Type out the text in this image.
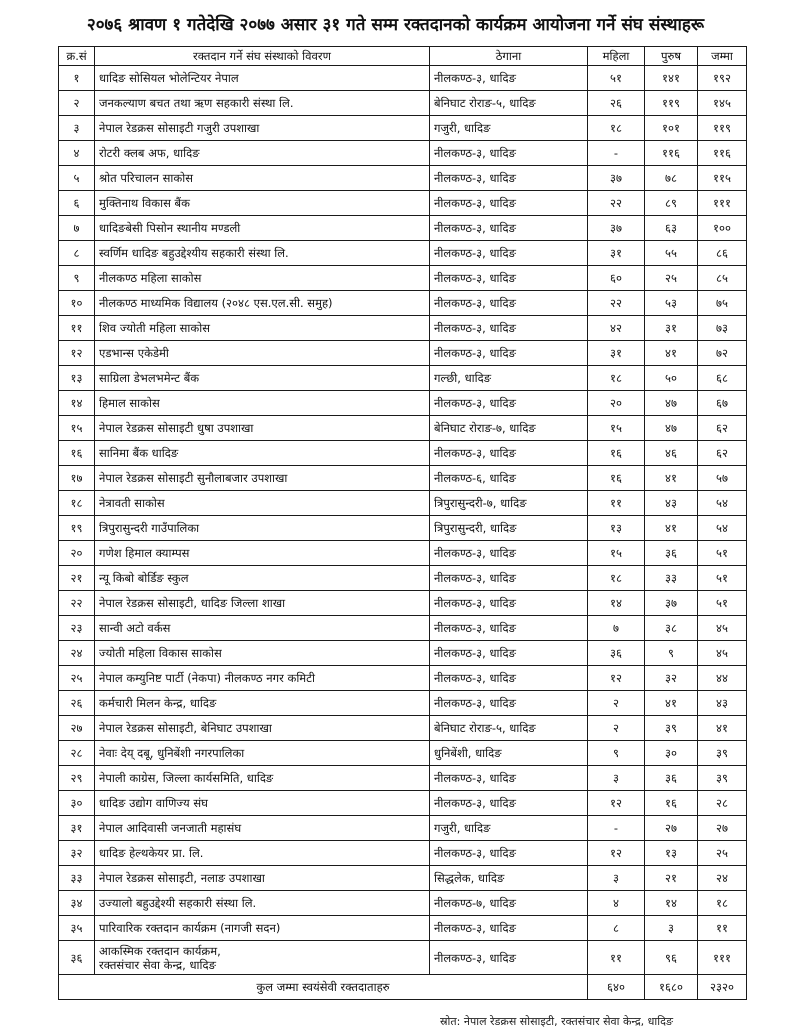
२०७६ श्रावण १ गतेदेखि २०७७ असार ३१ गते सम्म रक्तदानको कार्यक्रम आयोजना गर्ने संघ संस्थाहरू
क्र.सं	रक्तदान गर्ने संघ संस्थाको विवरण	ठेगाना	महिला	पुरुष	जम्मा
१	धादिङ सोसियल भोलेन्टियर नेपाल	नीलकण्ठ-३, धादिङ	५१	१४१	१९२
२	जनकल्याण बचत तथा ऋण सहकारी संस्था लि.	बेनिघाट रोराङ-५, धादिङ	२६	११९	१४५
३	नेपाल रेडक्रस सोसाइटी गजुरी उपशाखा	गजुरी, धादिङ	१८	१०१	११९
४	रोटरी क्लब अफ, धादिङ	नीलकण्ठ-३, धादिङ	-	११६	११६
५	श्रोत परिचालन साकोस	नीलकण्ठ-३, धादिङ	३७	७८	११५
६	मुक्तिनाथ विकास बैंक	नीलकण्ठ-३, धादिङ	२२	८९	१११
७	धादिङबेसी पिसोन स्थानीय मण्डली	नीलकण्ठ-३, धादिङ	३७	६३	१००
८	स्वर्णिम धादिङ बहुउद्देश्यीय सहकारी संस्था लि.	नीलकण्ठ-३, धादिङ	३१	५५	८६
९	नीलकण्ठ महिला साकोस	नीलकण्ठ-३, धादिङ	६०	२५	८५
१०	नीलकण्ठ माध्यमिक विद्यालय (२०४८ एस.एल.सी. समुह)	नीलकण्ठ-३, धादिङ	२२	५३	७५
११	शिव ज्योती महिला साकोस	नीलकण्ठ-३, धादिङ	४२	३१	७३
१२	एडभान्स एकेडेमी	नीलकण्ठ-३, धादिङ	३१	४१	७२
१३	साग्रिला डेभलभमेन्ट बैंक	गल्छी, धादिङ	१८	५०	६८
१४	हिमाल साकोस	नीलकण्ठ-३, धादिङ	२०	४७	६७
१५	नेपाल रेडक्रस सोसाइटी धुषा उपशाखा	बेनिघाट रोराङ-७, धादिङ	१५	४७	६२
१६	सानिमा बैंक धादिङ	नीलकण्ठ-३, धादिङ	१६	४६	६२
१७	नेपाल रेडक्रस सोसाइटी सुनौलाबजार उपशाखा	नीलकण्ठ-६, धादिङ	१६	४१	५७
१८	नेत्रावती साकोस	त्रिपुरासुन्दरी-७, धादिङ	११	४३	५४
१९	त्रिपुरासुन्दरी गाउँपालिका	त्रिपुरासुन्दरी, धादिङ	१३	४१	५४
२०	गणेश हिमाल क्याम्पस	नीलकण्ठ-३, धादिङ	१५	३६	५१
२१	न्यू किबो बोर्डिङ स्कुल	नीलकण्ठ-३, धादिङ	१८	३३	५१
२२	नेपाल रेडक्रस सोसाइटी, धादिङ जिल्ला शाखा	नीलकण्ठ-३, धादिङ	१४	३७	५१
२३	सान्वी अटो वर्कस	नीलकण्ठ-३, धादिङ	७	३८	४५
२४	ज्योती महिला विकास साकोस	नीलकण्ठ-३, धादिङ	३६	९	४५
२५	नेपाल कम्युनिष्ट पार्टी (नेकपा) नीलकण्ठ नगर कमिटी	नीलकण्ठ-३, धादिङ	१२	३२	४४
२६	कर्मचारी मिलन केन्द्र, धादिङ	नीलकण्ठ-३, धादिङ	२	४१	४३
२७	नेपाल रेडक्रस सोसाइटी, बेनिघाट उपशाखा	बेनिघाट रोराङ-५, धादिङ	२	३९	४१
२८	नेवाः देय् दबू, धुनिबेंशी नगरपालिका	धुनिबेंशी, धादिङ	९	३०	३९
२९	नेपाली काग्रेस, जिल्ला कार्यसमिति, धादिङ	नीलकण्ठ-३, धादिङ	३	३६	३९
३०	धादिङ उद्योग वाणिज्य संघ	नीलकण्ठ-३, धादिङ	१२	१६	२८
३१	नेपाल आदिवासी जनजाती महासंघ	गजुरी, धादिङ	-	२७	२७
३२	धादिङ हेल्थकेयर प्रा. लि.	नीलकण्ठ-३, धादिङ	१२	१३	२५
३३	नेपाल रेडक्रस सोसाइटी, नलाङ उपशाखा	सिद्धलेक, धादिङ	३	२१	२४
३४	उज्यालो बहुउद्देश्यी सहकारी संस्था लि.	नीलकण्ठ-७, धादिङ	४	१४	१८
३५	पारिवारिक रक्तदान कार्यक्रम (नागजी सदन)	नीलकण्ठ-३, धादिङ	८	३	११
३६	आकस्मिक रक्तदान कार्यक्रम,
रक्तसंचार सेवा केन्द्र, धादिङ	नीलकण्ठ-३, धादिङ	११	९६	१११
कुल जम्मा स्वयंसेवी रक्तदाताहरु			६४०	१६८०	२३२०
स्रोत: नेपाल रेडक्रस सोसाइटी, रक्तसंचार सेवा केन्द्र, धादिङ
